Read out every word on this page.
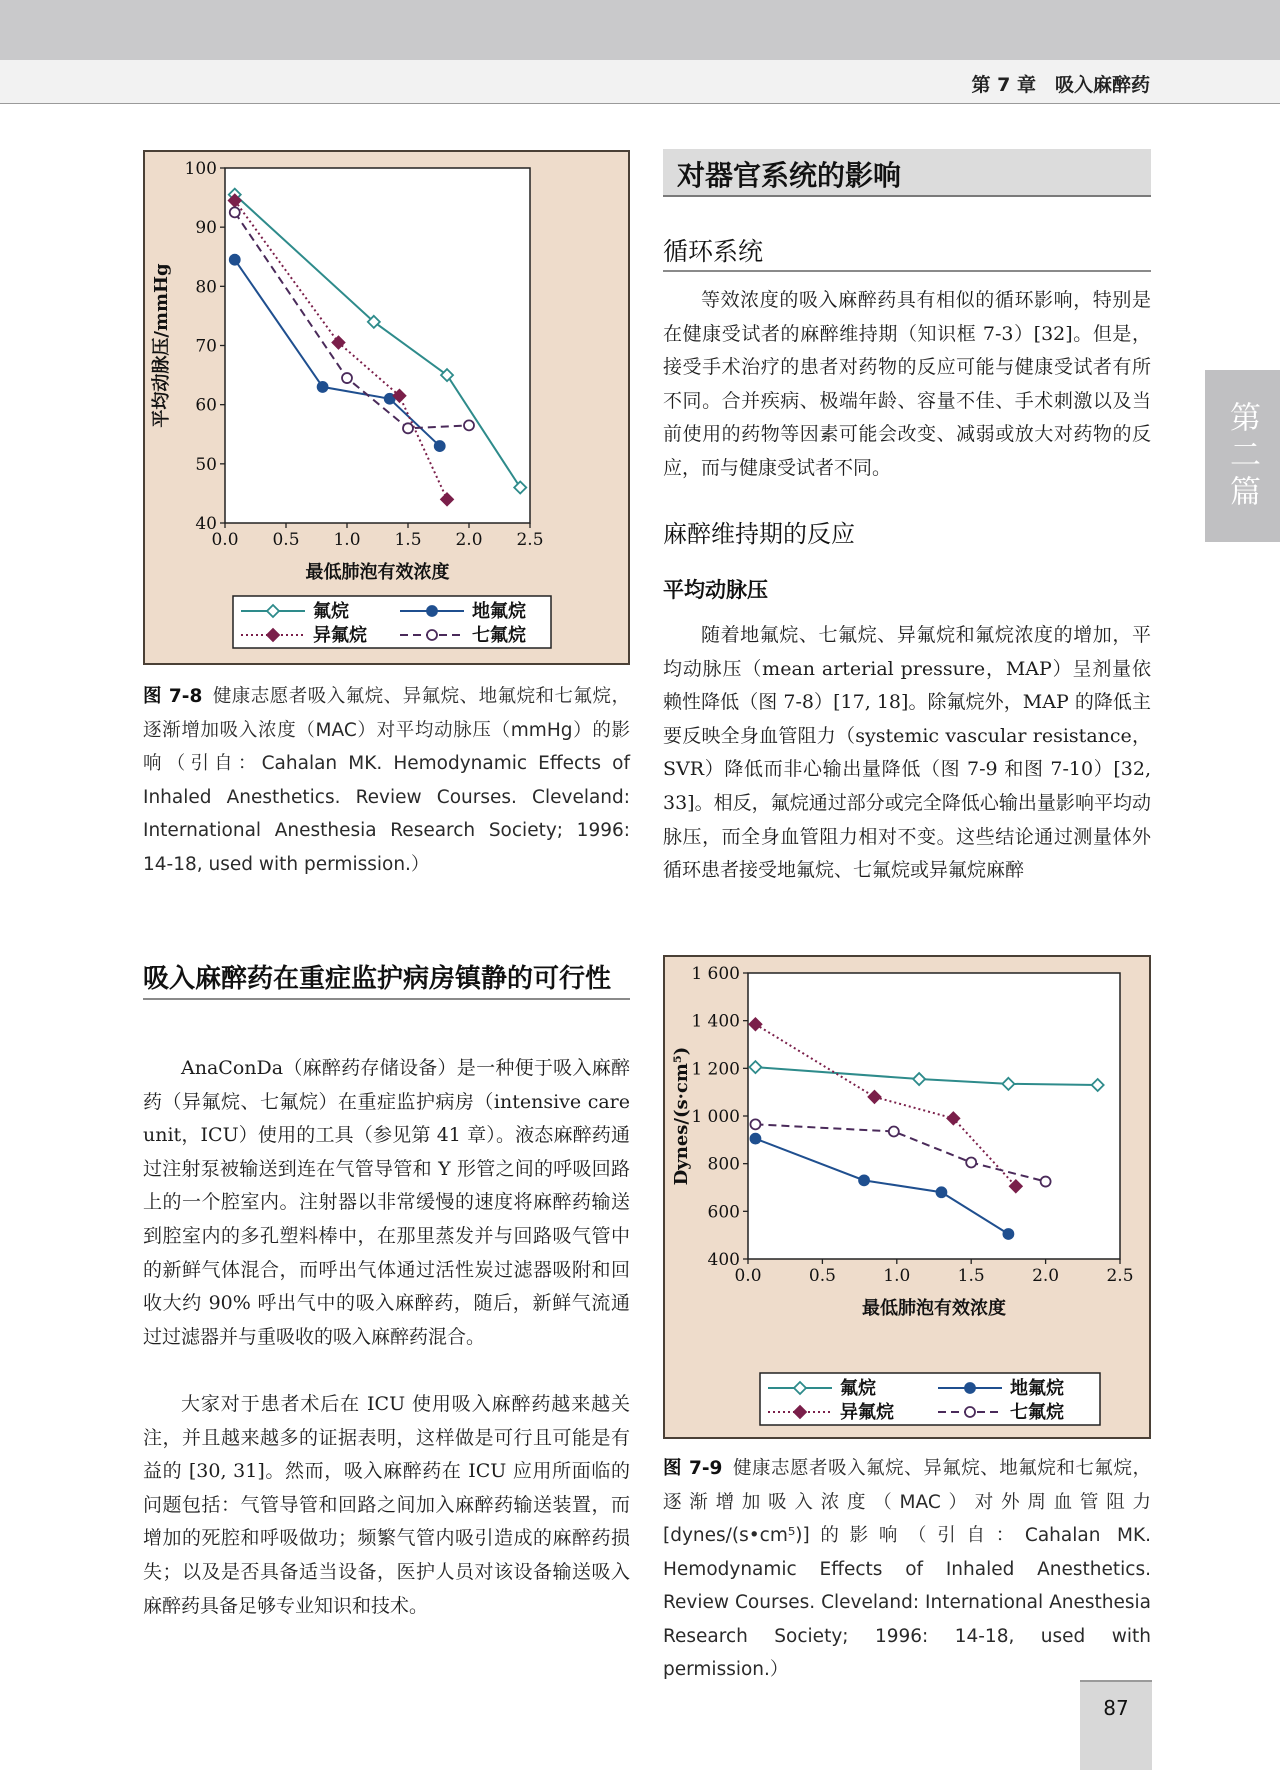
第 7 章　吸入麻醉药
第二篇
40
50
60
70
80
90
100
0.0 0.5 1.0 1.5 2.0 2.5
最低肺泡有效浓度
平均动脉压/mmHg
氟烷	地氟烷
异氟烷	七氟烷
图 7-8 健康志愿者吸入氟烷、异氟烷、地氟烷和七氟烷，逐渐增加吸入浓度（MAC）对平均动脉压（mmHg）的影响（引自：Cahalan MK. Hemodynamic Effects of Inhaled Anesthetics. Review Courses. Cleveland: International Anesthesia Research Society; 1996: 14-18, used with permission.）
对器官系统的影响
循环系统
等效浓度的吸入麻醉药具有相似的循环影响，特别是在健康受试者的麻醉维持期（知识框 7-3）[32]。但是，接受手术治疗的患者对药物的反应可能与健康受试者有所不同。合并疾病、极端年龄、容量不佳、手术刺激以及当前使用的药物等因素可能会改变、减弱或放大对药物的反应，而与健康受试者不同。
麻醉维持期的反应
平均动脉压
随着地氟烷、七氟烷、异氟烷和氟烷浓度的增加，平均动脉压（mean arterial pressure，MAP）呈剂量依赖性降低（图 7-8）[17, 18]。除氟烷外，MAP 的降低主要反映全身血管阻力（systemic vascular resistance，SVR）降低而非心输出量降低（图 7-9 和图 7-10）[32, 33]。相反，氟烷通过部分或完全降低心输出量影响平均动脉压，而全身血管阻力相对不变。这些结论通过测量体外循环患者接受地氟烷、七氟烷或异氟烷麻醉
吸入麻醉药在重症监护病房镇静的可行性
AnaConDa（麻醉药存储设备）是一种便于吸入麻醉药（异氟烷、七氟烷）在重症监护病房（intensive care unit，ICU）使用的工具（参见第 41 章）。液态麻醉药通过注射泵被输送到连在气管导管和 Y 形管之间的呼吸回路上的一个腔室内。注射器以非常缓慢的速度将麻醉药输送到腔室内的多孔塑料棒中，在那里蒸发并与回路吸气管中的新鲜气体混合，而呼出气体通过活性炭过滤器吸附和回收大约 90% 呼出气中的吸入麻醉药，随后，新鲜气流通过过滤器并与重吸收的吸入麻醉药混合。
大家对于患者术后在 ICU 使用吸入麻醉药越来越关注，并且越来越多的证据表明，这样做是可行且可能是有益的 [30, 31]。然而，吸入麻醉药在 ICU 应用所面临的问题包括：气管导管和回路之间加入麻醉药输送装置，而增加的死腔和呼吸做功；频繁气管内吸引造成的麻醉药损失；以及是否具备适当设备，医护人员对该设备输送吸入麻醉药具备足够专业知识和技术。
400
600
800
1 000
1 200
1 400
1 600
0.0	0.5	1.0	1.5	2.0	2.5
最低肺泡有效浓度
Dynes/(s·cm⁵)
氟烷	地氟烷
异氟烷	七氟烷
图 7-9 健康志愿者吸入氟烷、异氟烷、地氟烷和七氟烷，逐渐增加吸入浓度（MAC）对外周血管阻力[dynes/(s•cm⁵)]的影响（引自：Cahalan MK. Hemodynamic Effects of Inhaled Anesthetics. Review Courses. Cleveland: International Anesthesia Research Society; 1996: 14-18, used with permission.）
87
